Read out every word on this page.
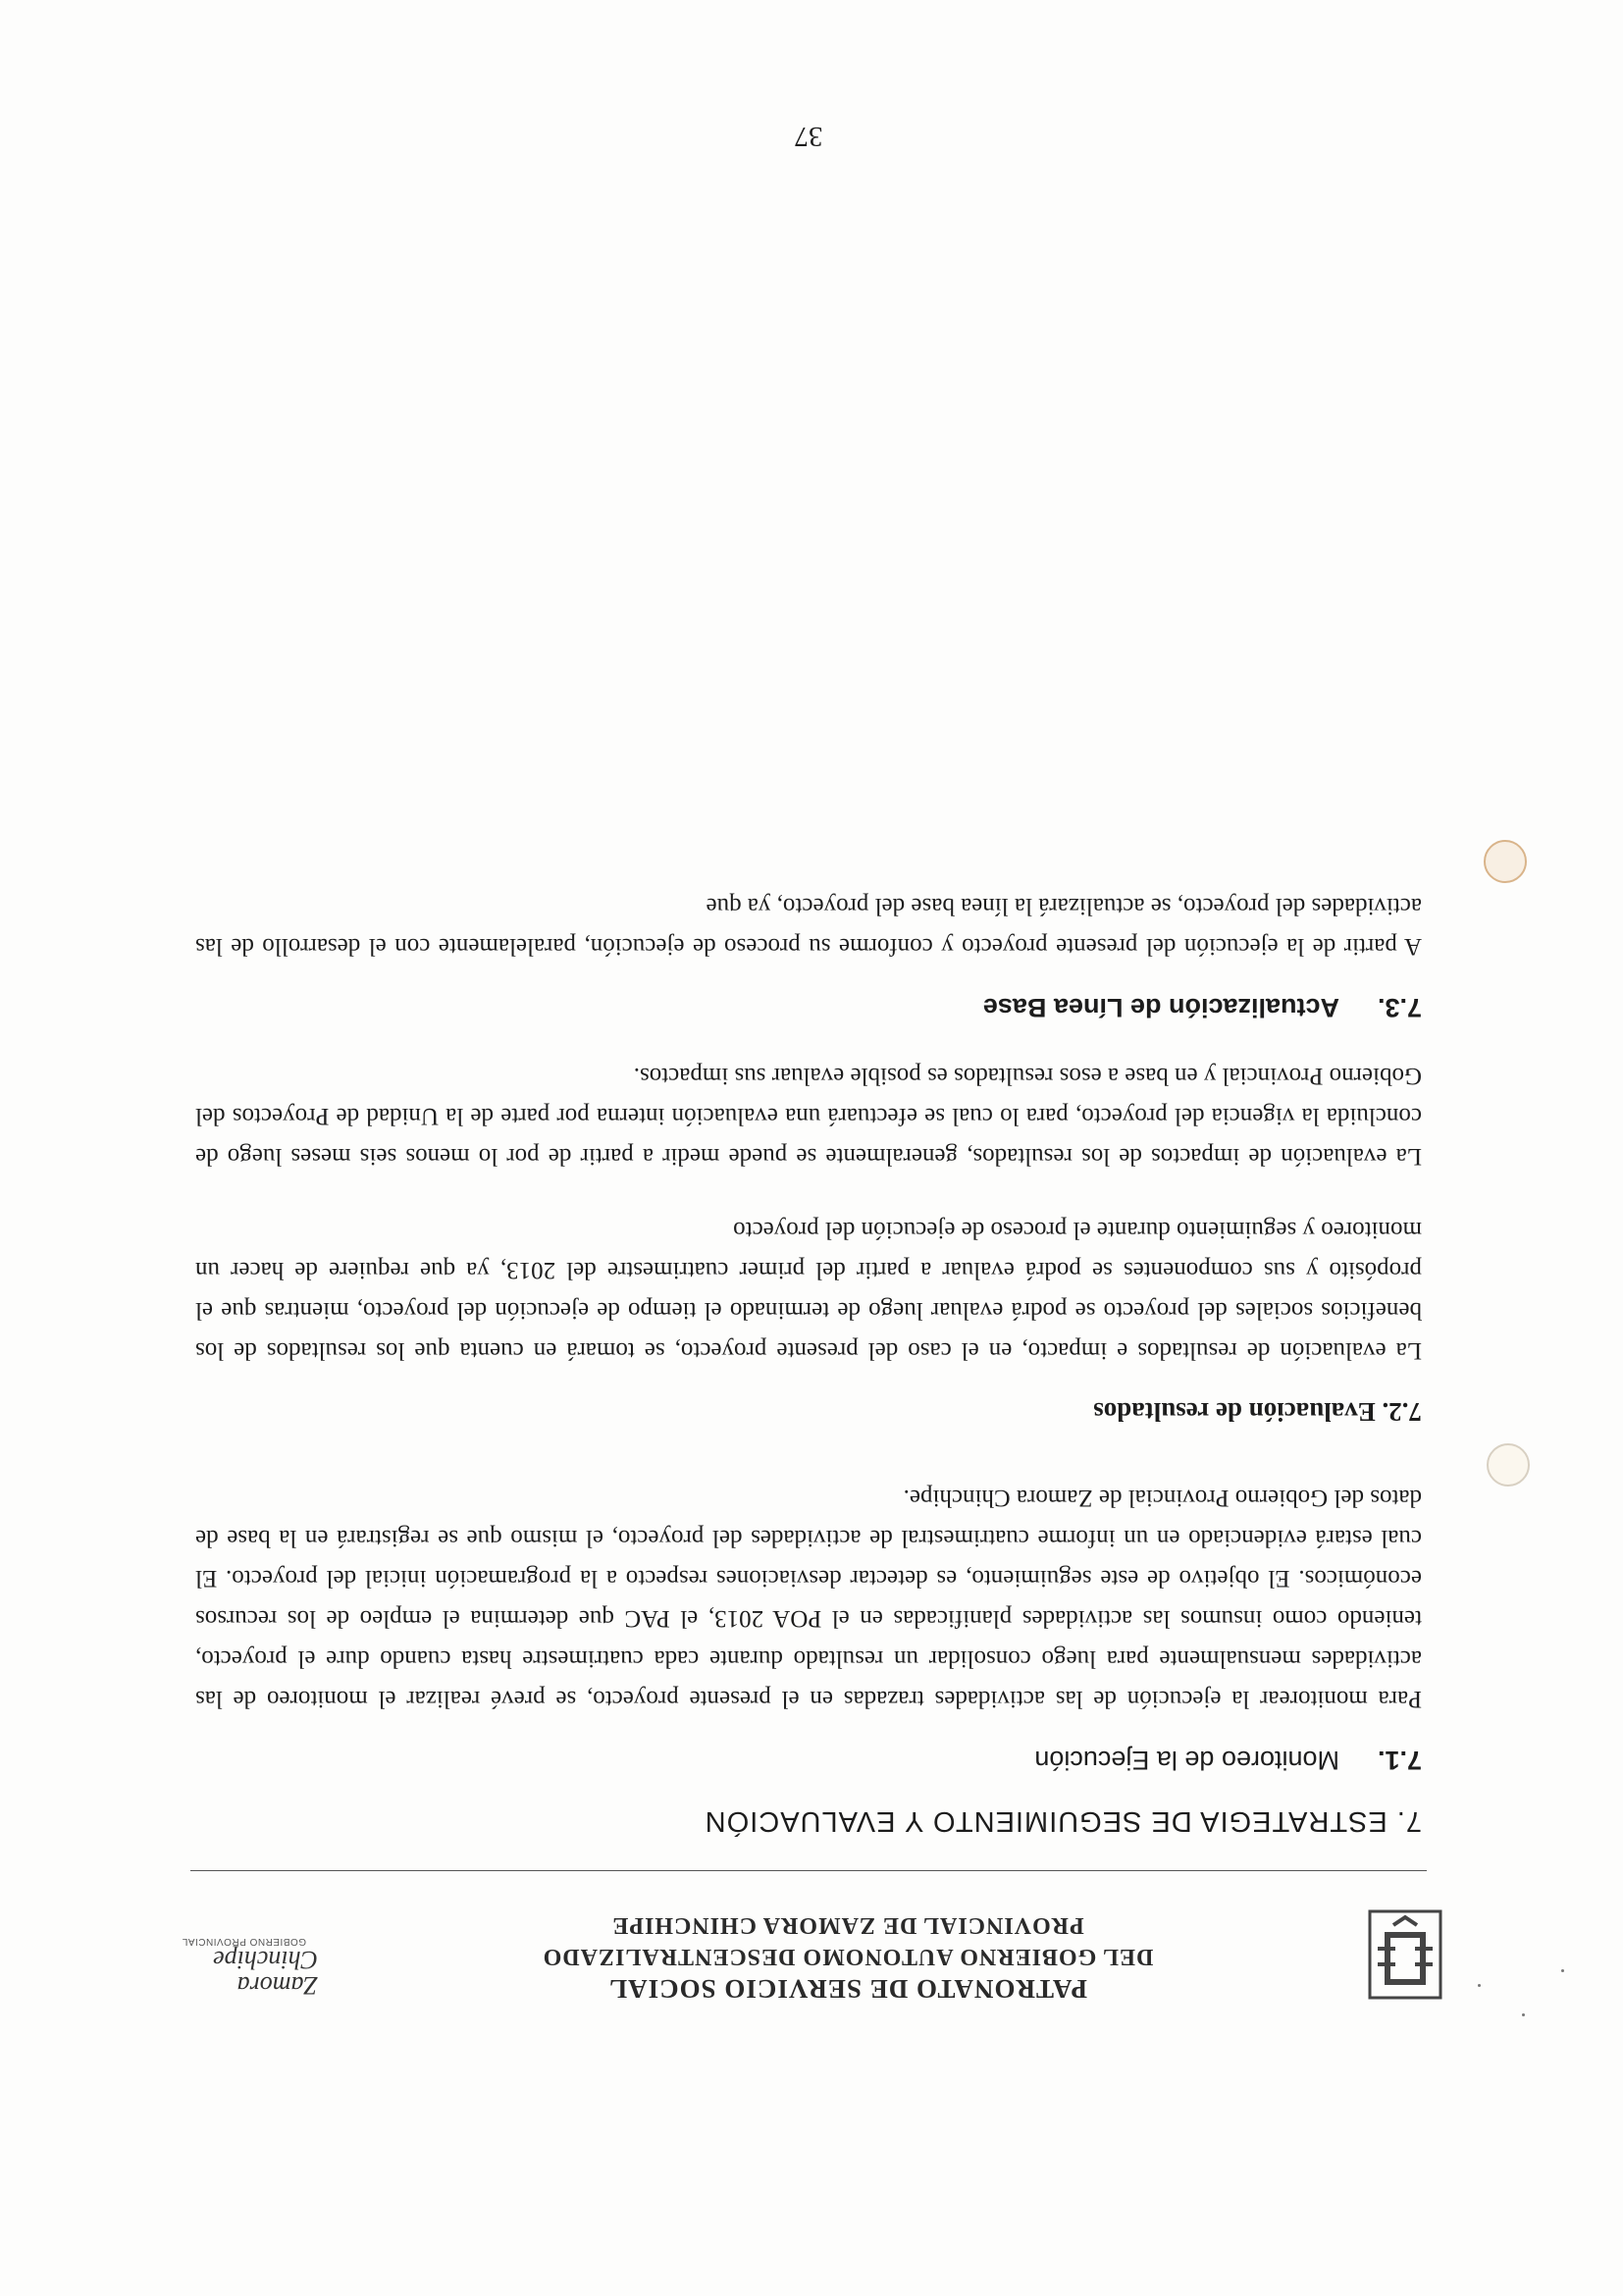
PATRONATO DE SERVICIO SOCIAL
DEL GOBIERNO AUTONOMO DESCENTRALIZADO
PROVINCIAL DE ZAMORA CHINCHIPE
Zamora Chinchipe
GOBIERNO PROVINCIAL
7. ESTRATEGIA DE SEGUIMIENTO Y EVALUACIÓN
7.1.Monitoreo de la Ejecución

Para monitorear la ejecución de las actividades trazadas en el presente proyecto, se prevé realizar el monitoreo de las actividades mensualmente para luego consolidar un resultado durante cada cuatrimestre hasta cuando dure el proyecto, teniendo como insumos las actividades planificadas en el POA 2013, el PAC que determina el empleo de los recursos económicos. El objetivo de este seguimiento, es detectar desviaciones respecto a la programación inicial del proyecto. El cual estará evidenciado en un informe cuatrimestral de actividades del proyecto, el mismo que se registrará en la base de datos del Gobierno Provincial de Zamora Chinchipe.

7.2. Evaluación de resultados

La evaluación de resultados e impacto, en el caso del presente proyecto, se tomará en cuenta que los resultados de los beneficios sociales del proyecto se podrá evaluar luego de terminado el tiempo de ejecución del proyecto, mientras que el propósito y sus componentes se podrá evaluar a partir del primer cuatrimestre del 2013, ya que requiere de hacer un monitoreo y seguimiento durante el proceso de ejecución del proyecto

La evaluación de impactos de los resultados, generalmente se puede medir a partir de por lo menos seis meses luego de concluida la vigencia del proyecto, para lo cual se efectuará una evaluación interna por parte de la Unidad de Proyectos del Gobierno Provincial y en base a esos resultados es posible evaluar sus impactos.

7.3.Actualización de Línea Base

A partir de la ejecución del presente proyecto y conforme su proceso de ejecución, paralelamente con el desarrollo de las actividades del proyecto, se actualizará la línea base del proyecto, ya que

37
